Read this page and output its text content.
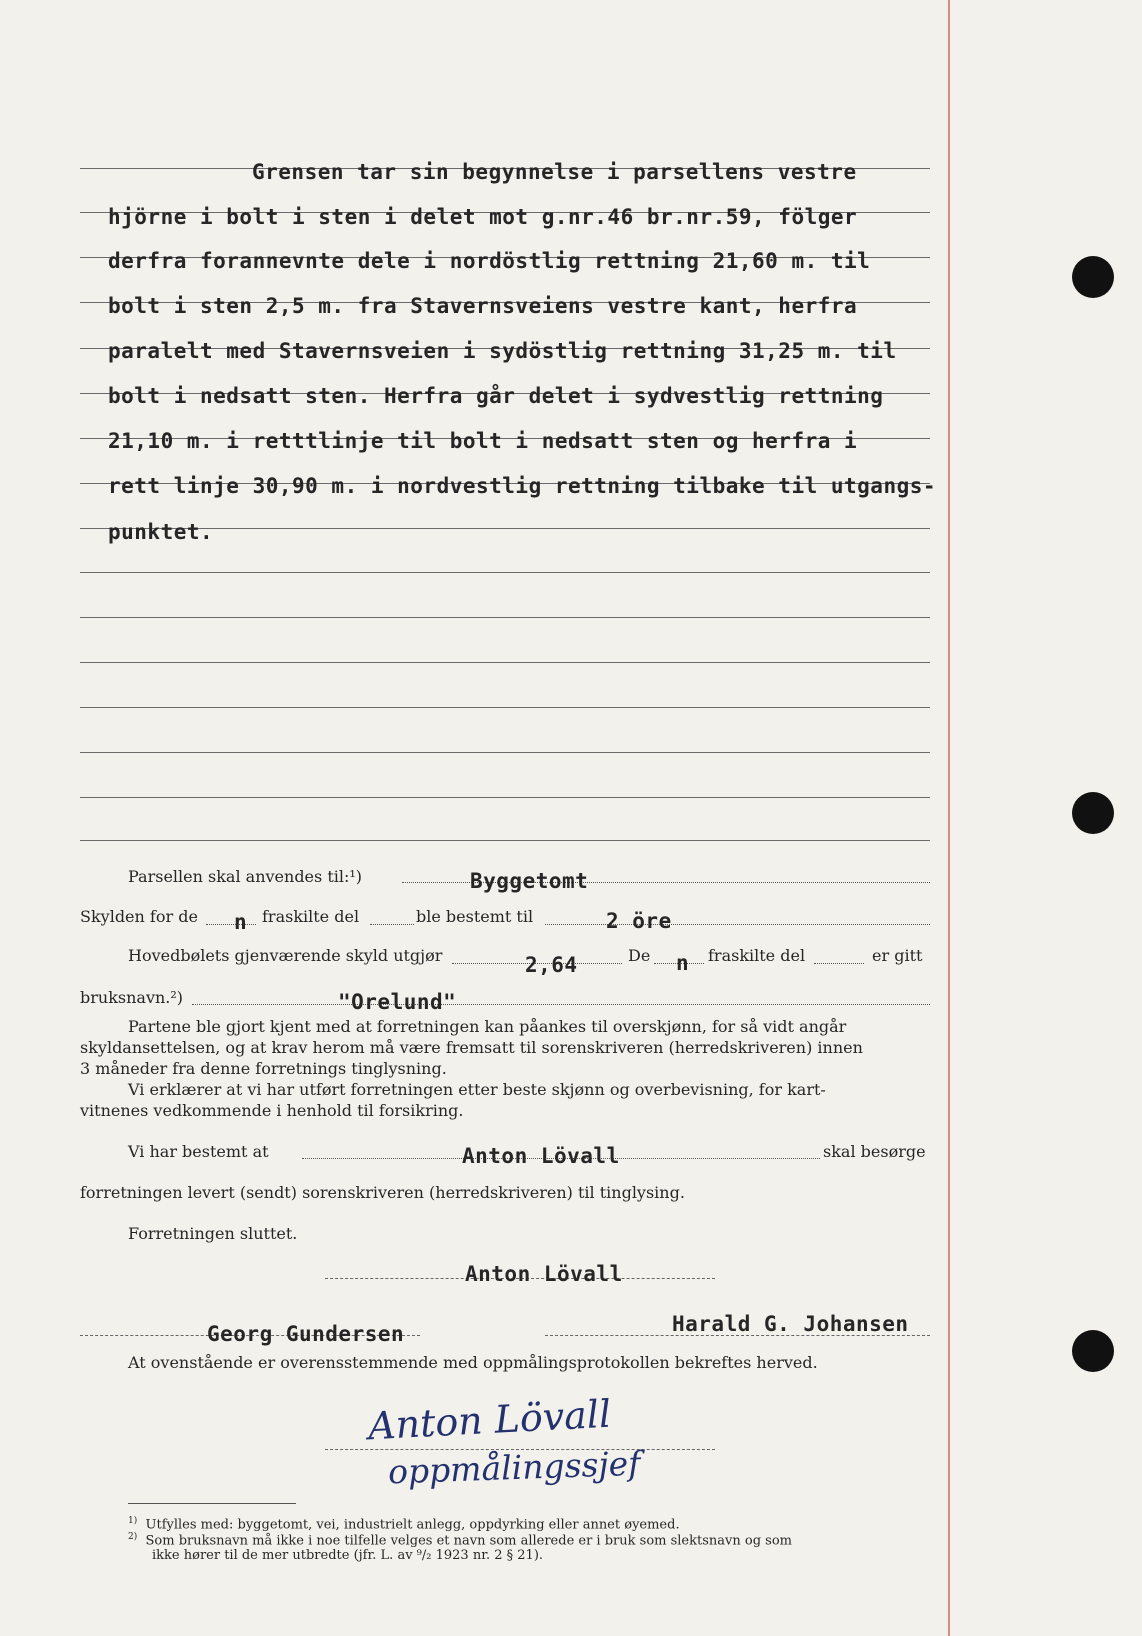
Grensen tar sin begynnelse i parsellens vestre
hjörne i bolt i sten i delet mot g.nr.46 br.nr.59, fölger
derfra forannevnte dele i nordöstlig rettning 21,60 m. til
bolt i sten 2,5 m. fra Stavernsveiens vestre kant, herfra
paralelt med Stavernsveien i sydöstlig rettning 31,25 m. til
bolt i nedsatt sten. Herfra går delet i sydvestlig rettning
21,10 m. i retttlinje til bolt i nedsatt sten og herfra i
rett linje 30,90 m. i nordvestlig rettning tilbake til utgangs-
punktet.
Parsellen skal anvendes til:¹)	Byggetomt
Skylden for de n fraskilte del	ble bestemt til	2 öre
Hovedbølets gjenværende skyld utgjør	2,64	De n fraskilte del	er gitt
bruksnavn.²)	"Orelund"
Partene ble gjort kjent med at forretningen kan påankes til overskjønn, for så vidt angår
skyldansettelsen, og at krav herom må være fremsatt til sorenskriveren (herredskriveren) innen
3 måneder fra denne forretnings tinglysning.
Vi erklærer at vi har utført forretningen etter beste skjønn og overbevisning, for kart-
vitnenes vedkommende i henhold til forsikring.
Vi har bestemt at	Anton Lövall	skal besørge
forretningen levert (sendt) sorenskriveren (herredskriveren) til tinglysing.
Forretningen sluttet.
Anton Lövall
Georg Gundersen	Harald G. Johansen
At ovenstående er overensstemmende med oppmålingsprotokollen bekreftes herved.
Anton Lövall
oppmålingssjef
$^{1)}$ Utfylles med: byggetomt, vei, industrielt anlegg, oppdyrking eller annet øyemed.
$^{2)}$ Som bruksnavn må ikke i noe tilfelle velges et navn som allerede er i bruk som slektsnavn og som
ikke hører til de mer utbredte (jfr. L. av ⁹/₂ 1923 nr. 2 § 21).
